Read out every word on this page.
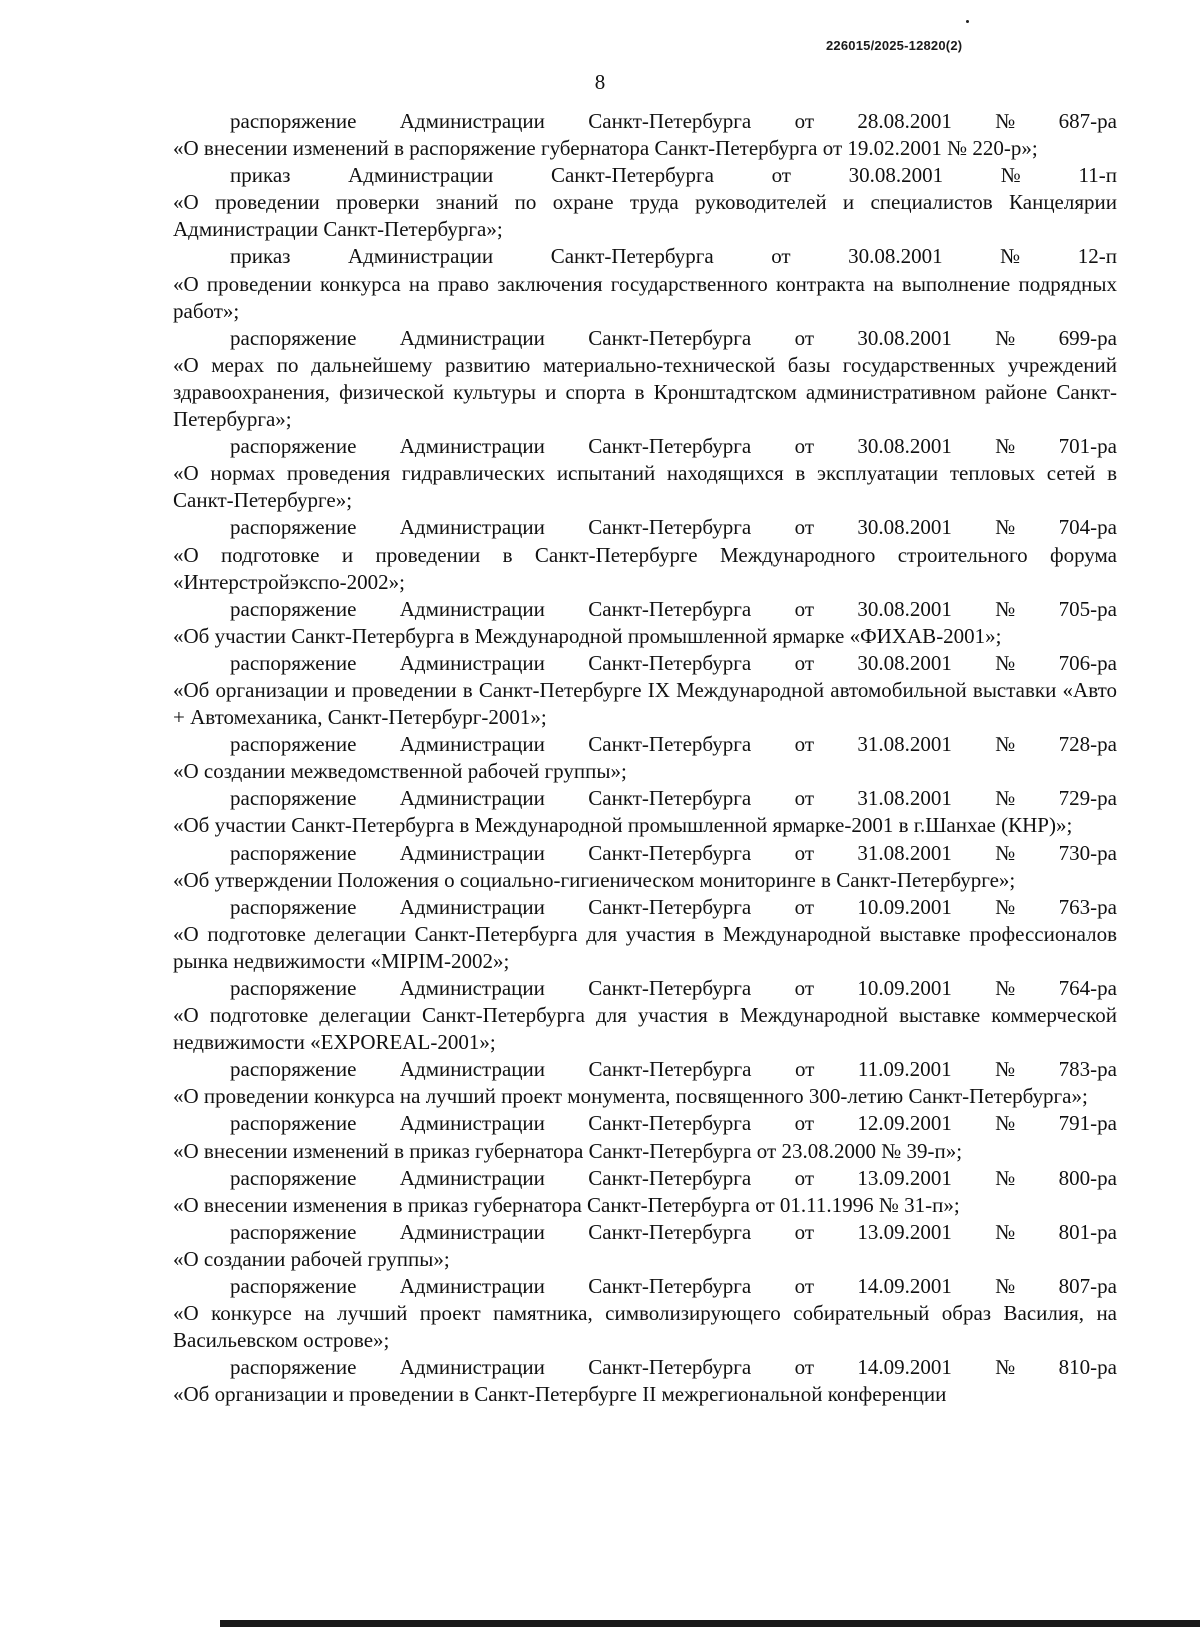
226015/2025-12820(2)
8
распоряжение Администрации Санкт-Петербурга от 28.08.2001 № 687-ра
«О внесении изменений в распоряжение губернатора Санкт-Петербурга от 19.02.2001 № 220-р»;
приказ	Администрации	Санкт-Петербурга	от	30.08.2001	№	11-п
«О проведении проверки знаний по охране труда руководителей и специалистов Канцелярии Администрации Санкт-Петербурга»;
приказ	Администрации	Санкт-Петербурга	от	30.08.2001	№	12-п
«О проведении конкурса на право заключения государственного контракта на выполнение подрядных работ»;
распоряжение Администрации Санкт-Петербурга от 30.08.2001 № 699-ра
«О мерах по дальнейшему развитию материально-технической базы государственных учреждений здравоохранения, физической культуры и спорта в Кронштадтском административном районе Санкт-Петербурга»;
распоряжение Администрации Санкт-Петербурга от 30.08.2001 № 701-ра
«О нормах проведения гидравлических испытаний находящихся в эксплуатации тепловых сетей в Санкт-Петербурге»;
распоряжение Администрации Санкт-Петербурга от 30.08.2001 № 704-ра
«О подготовке и проведении в Санкт-Петербурге Международного строительного форума «Интерстройэкспо-2002»;
распоряжение Администрации Санкт-Петербурга от 30.08.2001 № 705-ра
«Об участии Санкт-Петербурга в Международной промышленной ярмарке «ФИХАВ-2001»;
распоряжение Администрации Санкт-Петербурга от 30.08.2001 № 706-ра
«Об организации и проведении в Санкт-Петербурге IX Международной автомобильной выставки «Авто + Автомеханика, Санкт-Петербург-2001»;
распоряжение Администрации Санкт-Петербурга от 31.08.2001 № 728-ра
«О создании межведомственной рабочей группы»;
распоряжение Администрации Санкт-Петербурга от 31.08.2001 № 729-ра
«Об участии Санкт-Петербурга в Международной промышленной ярмарке-2001 в г.Шанхае (КНР)»;
распоряжение Администрации Санкт-Петербурга от 31.08.2001 № 730-ра
«Об утверждении Положения о социально-гигиеническом мониторинге в Санкт-Петербурге»;
распоряжение Администрации Санкт-Петербурга от 10.09.2001 № 763-ра
«О подготовке делегации Санкт-Петербурга для участия в Международной выставке профессионалов рынка недвижимости «MIPIM-2002»;
распоряжение Администрации Санкт-Петербурга от 10.09.2001 № 764-ра
«О подготовке делегации Санкт-Петербурга для участия в Международной выставке коммерческой недвижимости «EXPOREAL-2001»;
распоряжение Администрации Санкт-Петербурга от 11.09.2001 № 783-ра
«О проведении конкурса на лучший проект монумента, посвященного 300-летию Санкт-Петербурга»;
распоряжение Администрации Санкт-Петербурга от 12.09.2001 № 791-ра
«О внесении изменений в приказ губернатора Санкт-Петербурга от 23.08.2000 № 39-п»;
распоряжение Администрации Санкт-Петербурга от 13.09.2001 № 800-ра
«О внесении изменения в приказ губернатора Санкт-Петербурга от 01.11.1996 № 31-п»;
распоряжение Администрации Санкт-Петербурга от 13.09.2001 № 801-ра
«О создании рабочей группы»;
распоряжение Администрации Санкт-Петербурга от 14.09.2001 № 807-ра
«О конкурсе на лучший проект памятника, символизирующего собирательный образ Василия, на Васильевском острове»;
распоряжение Администрации Санкт-Петербурга от 14.09.2001 № 810-ра
«Об организации и проведении в Санкт-Петербурге II межрегиональной конференции
